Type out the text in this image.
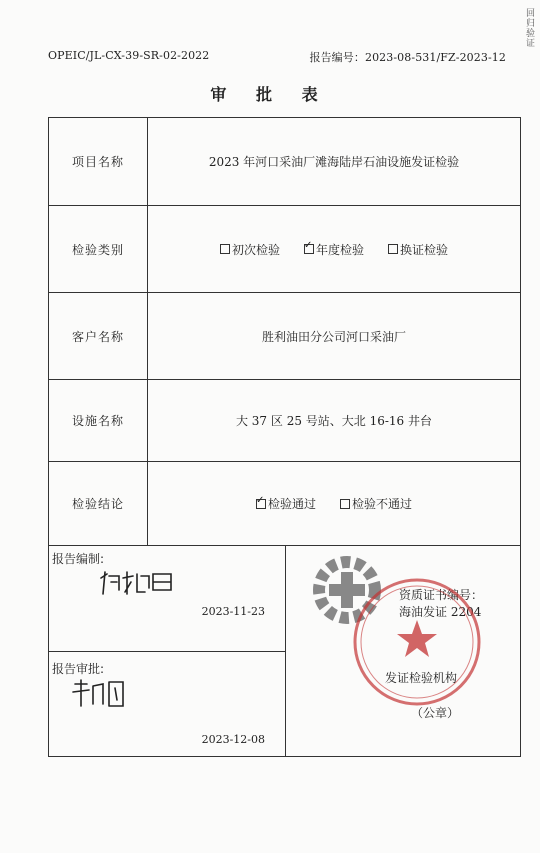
OPEIC/JL-CX-39-SR-02-2022	报告编号：2023-08-531/FZ-2023-12
回归验证
审 批 表
项目名称	2023 年河口采油厂滩海陆岸石油设施发证检验
检验类别	初次检验 ✓	年度检验	换证检验
客户名称	胜利油田分公司河口采油厂
设施名称	大 37 区 25 号站、大北 16-16 井台
检验结论 ✓	检验通过	检验不通过
报告编制:
2023-11-23
报告审批:
2023-12-08
资质证书编号：
海油发证 2204
发证检验机构
（公章）
